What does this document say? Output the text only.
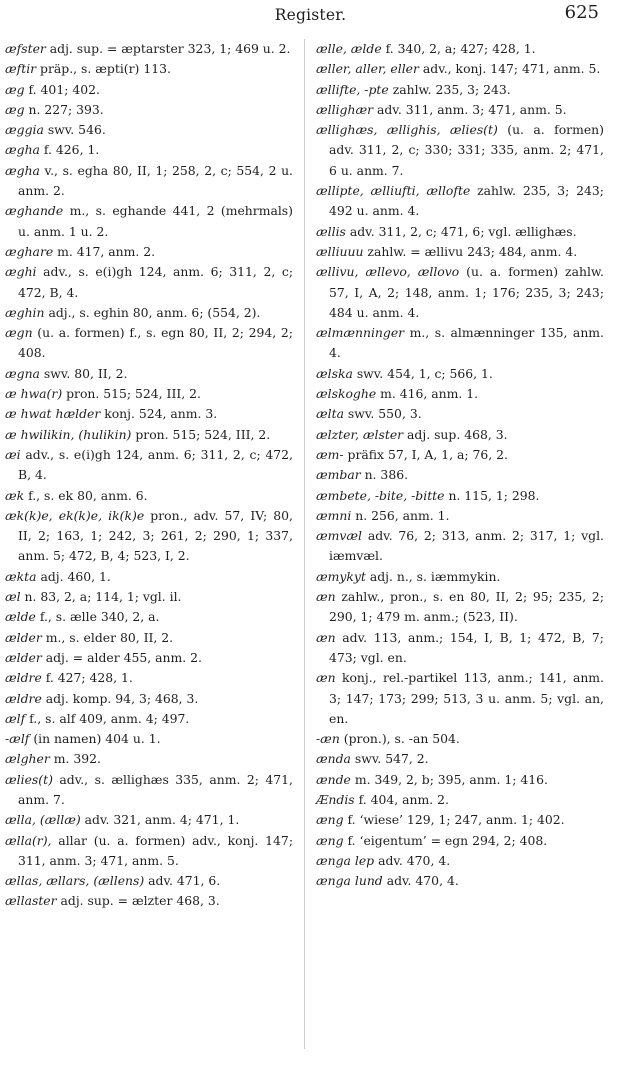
Register.	625
æfster adj. sup. = æptarster 323, 1; 469 u. 2.
æftir präp., s. æpti(r) 113.
æg f. 401; 402.
æg n. 227; 393.
æggia swv. 546.
ægha f. 426, 1.
ægha v., s. egha 80, II, 1; 258, 2, c; 554, 2 u. anm. 2.
æghande m., s. eghande 441, 2 (mehrmals) u. anm. 1 u. 2.
æghare m. 417, anm. 2.
æghi adv., s. e(i)gh 124, anm. 6; 311, 2, c; 472, B, 4.
æghin adj., s. eghin 80, anm. 6; (554, 2).
ægn (u. a. formen) f., s. egn 80, II, 2; 294, 2; 408.
ægna swv. 80, II, 2.
æ hwa(r) pron. 515; 524, III, 2.
æ hwat hælder konj. 524, anm. 3.
æ hwilikin, (hulikin) pron. 515; 524, III, 2.
æi adv., s. e(i)gh 124, anm. 6; 311, 2, c; 472, B, 4.
æk f., s. ek 80, anm. 6.
æk(k)e, ek(k)e, ik(k)e pron., adv. 57, IV; 80, II, 2; 163, 1; 242, 3; 261, 2; 290, 1; 337, anm. 5; 472, B, 4; 523, I, 2.
ækta adj. 460, 1.
æl n. 83, 2, a; 114, 1; vgl. il.
ælde f., s. ælle 340, 2, a.
ælder m., s. elder 80, II, 2.
ælder adj. = alder 455, anm. 2.
ældre f. 427; 428, 1.
ældre adj. komp. 94, 3; 468, 3.
ælf f., s. alf 409, anm. 4; 497.
-ælf (in namen) 404 u. 1.
ælgher m. 392.
ælies(t) adv., s. ællighæs 335, anm. 2; 471, anm. 7.
ælla, (ællæ) adv. 321, anm. 4; 471, 1.
ælla(r), allar (u. a. formen) adv., konj. 147; 311, anm. 3; 471, anm. 5.
ællas, ællars, (ællens) adv. 471, 6.
ællaster adj. sup. = ælzter 468, 3.
ælle, ælde f. 340, 2, a; 427; 428, 1.
æller, aller, eller adv., konj. 147; 471, anm. 5.
ællifte, -pte zahlw. 235, 3; 243.
ællighær adv. 311, anm. 3; 471, anm. 5.
ællighæs, ællighis, ælies(t) (u. a. formen) adv. 311, 2, c; 330; 331; 335, anm. 2; 471, 6 u. anm. 7.
ællipte, ælliufti, ællofte zahlw. 235, 3; 243; 492 u. anm. 4.
ællis adv. 311, 2, c; 471, 6; vgl. ællighæs.
ælliuuu zahlw. = ællivu 243; 484, anm. 4.
ællivu, ællevo, ællovo (u. a. formen) zahlw. 57, I, A, 2; 148, anm. 1; 176; 235, 3; 243; 484 u. anm. 4.
ælmænninger m., s. almænninger 135, anm. 4.
ælska swv. 454, 1, c; 566, 1.
ælskoghe m. 416, anm. 1.
ælta swv. 550, 3.
ælzter, ælster adj. sup. 468, 3.
æm- präfix 57, I, A, 1, a; 76, 2.
æmbar n. 386.
æmbete, -bite, -bitte n. 115, 1; 298.
æmni n. 256, anm. 1.
æmvæl adv. 76, 2; 313, anm. 2; 317, 1; vgl. iæmvæl.
æmykyt adj. n., s. iæmmykin.
æn zahlw., pron., s. en 80, II, 2; 95; 235, 2; 290, 1; 479 m. anm.; (523, II).
æn adv. 113, anm.; 154, I, B, 1; 472, B, 7; 473; vgl. en.
æn konj., rel.-partikel 113, anm.; 141, anm. 3; 147; 173; 299; 513, 3 u. anm. 5; vgl. an, en.
-æn (pron.), s. -an 504.
ænda swv. 547, 2.
ænde m. 349, 2, b; 395, anm. 1; 416.
Ændis f. 404, anm. 2.
æng f. ‘wiese’ 129, 1; 247, anm. 1; 402.
æng f. ‘eigentum’ = egn 294, 2; 408.
ænga lep adv. 470, 4.
ænga lund adv. 470, 4.
